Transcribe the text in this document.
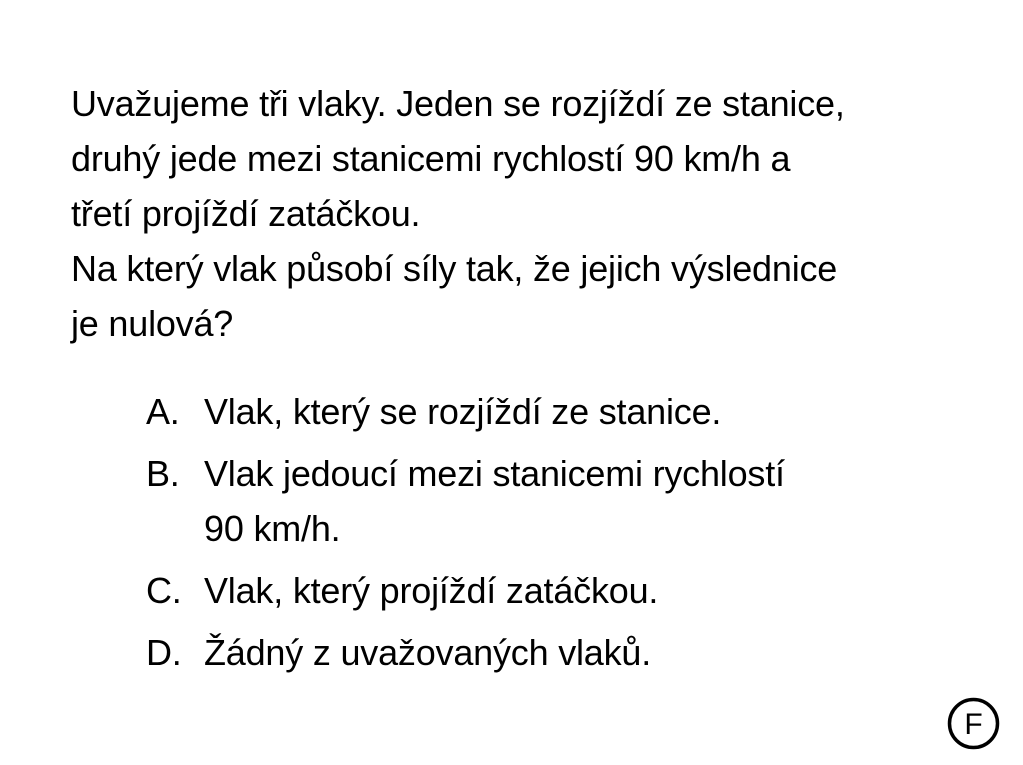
Uvažujeme tři vlaky. Jeden se rozjíždí ze stanice,
druhý jede mezi stanicemi rychlostí 90 km/h a
třetí projíždí zatáčkou.
Na který vlak působí síly tak, že jejich výslednice
je nulová?
A. Vlak, který se rozjíždí ze stanice.
B. Vlak jedoucí mezi stanicemi rychlostí
90 km/h.
C. Vlak, který projíždí zatáčkou.
D. Žádný z uvažovaných vlaků.
F
